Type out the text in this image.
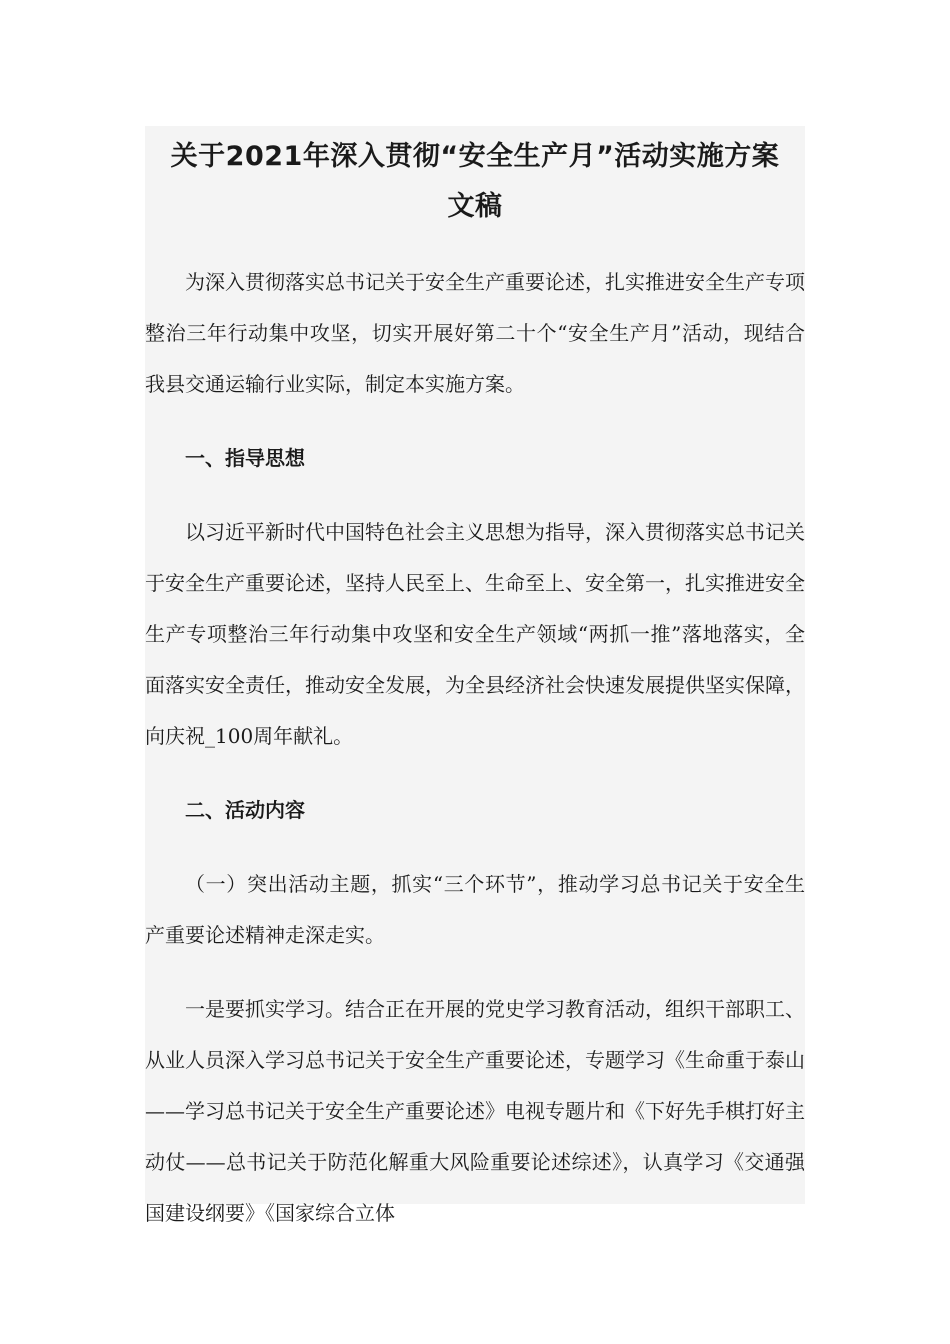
关于2021年深入贯彻“安全生产月”活动实施方案
文稿

为深入贯彻落实总书记关于安全生产重要论述，扎实推进安全生产专项整治三年行动集中攻坚，切实开展好第二十个“安全生产月”活动，现结合我县交通运输行业实际，制定本实施方案。

一、指导思想

以习近平新时代中国特色社会主义思想为指导，深入贯彻落实总书记关于安全生产重要论述，坚持人民至上、生命至上、安全第一，扎实推进安全生产专项整治三年行动集中攻坚和安全生产领域“两抓一推”落地落实，全面落实安全责任，推动安全发展，为全县经济社会快速发展提供坚实保障，向庆祝_100周年献礼。

二、活动内容

（一）突出活动主题，抓实“三个环节”，推动学习总书记关于安全生产重要论述精神走深走实。

一是要抓实学习。结合正在开展的党史学习教育活动，组织干部职工、从业人员深入学习总书记关于安全生产重要论述，专题学习《生命重于泰山——学习总书记关于安全生产重要论述》电视专题片和《下好先手棋打好主动仗——总书记关于防范化解重大风险重要论述综述》，认真学习《交通强国建设纲要》《国家综合立体
